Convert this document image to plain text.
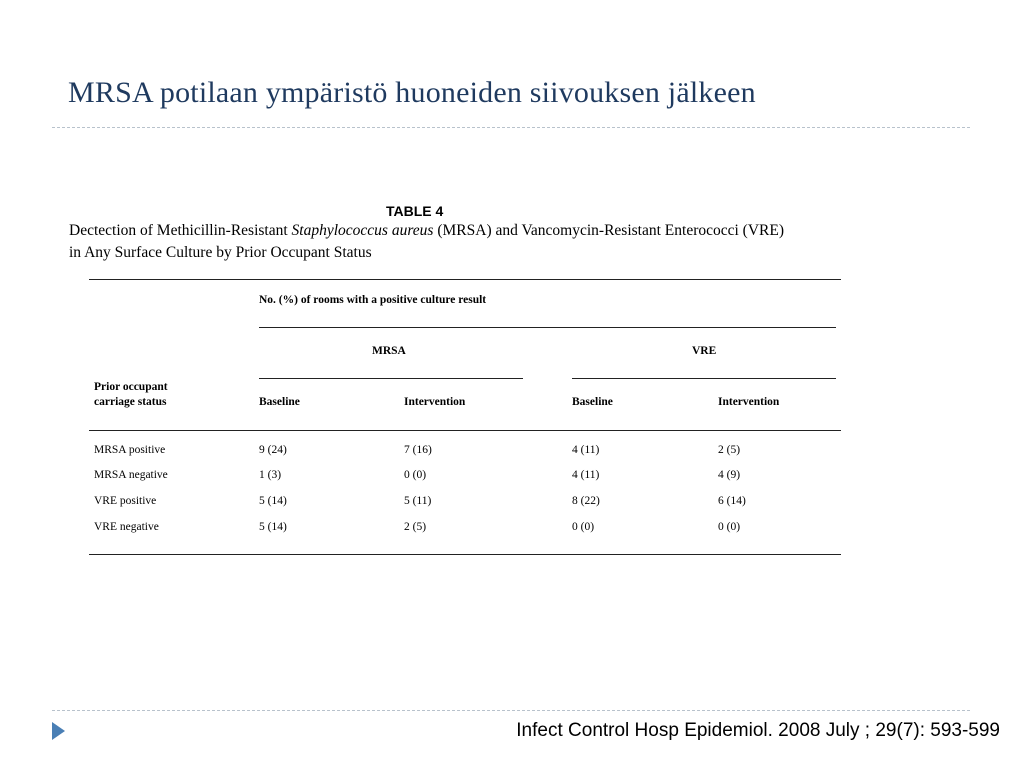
MRSA potilaan ympäristö huoneiden siivouksen jälkeen
TABLE 4
Dectection of Methicillin-Resistant Staphylococcus aureus (MRSA) and Vancomycin-Resistant Enterococci (VRE)
in Any Surface Culture by Prior Occupant Status
No. (%) of rooms with a positive culture result
MRSA	VRE
Prior occupant
carriage status	Baseline	Intervention	Baseline	Intervention
MRSA positive	9 (24)	7 (16)	4 (11)	2 (5)
MRSA negative	1 (3)	0 (0)	4 (11)	4 (9)
VRE positive	5 (14)	5 (11)	8 (22)	6 (14)
VRE negative	5 (14)	2 (5)	0 (0)	0 (0)
Infect Control Hosp Epidemiol. 2008 July ; 29(7): 593-599
